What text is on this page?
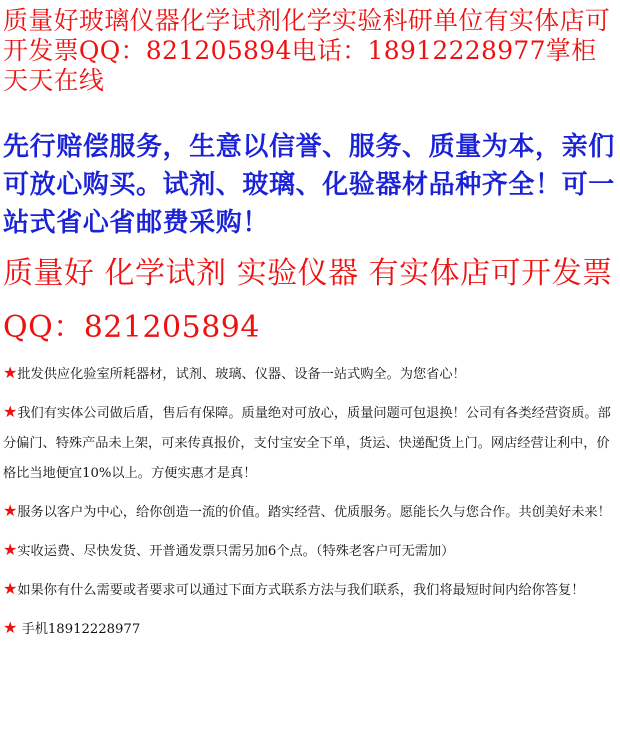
质量好玻璃仪器化学试剂化学实验科研单位有实体店可开发票QQ：821205894电话：18912228977掌柜天天在线

先行赔偿服务，生意以信誉、服务、质量为本，亲们可放心购买。试剂、玻璃、化验器材品种齐全！可一站式省心省邮费采购！

质量好 化学试剂 实验仪器 有实体店可开发票QQ：821205894

★批发供应化验室所耗器材，试剂、玻璃、仪器、设备一站式购全。为您省心！

★我们有实体公司做后盾，售后有保障。质量绝对可放心，质量问题可包退换！公司有各类经营资质。部分偏门、特殊产品未上架，可来传真报价，支付宝安全下单，货运、快递配货上门。网店经营让利中，价格比当地便宜10%以上。方便实惠才是真！

★服务以客户为中心，给你创造一流的价值。踏实经营、优质服务。愿能长久与您合作。共创美好未来！

★实收运费、尽快发货、开普通发票只需另加6个点。（特殊老客户可无需加）

★如果你有什么需要或者要求可以通过下面方式联系方法与我们联系，我们将最短时间内给你答复！

★ 手机18912228977
